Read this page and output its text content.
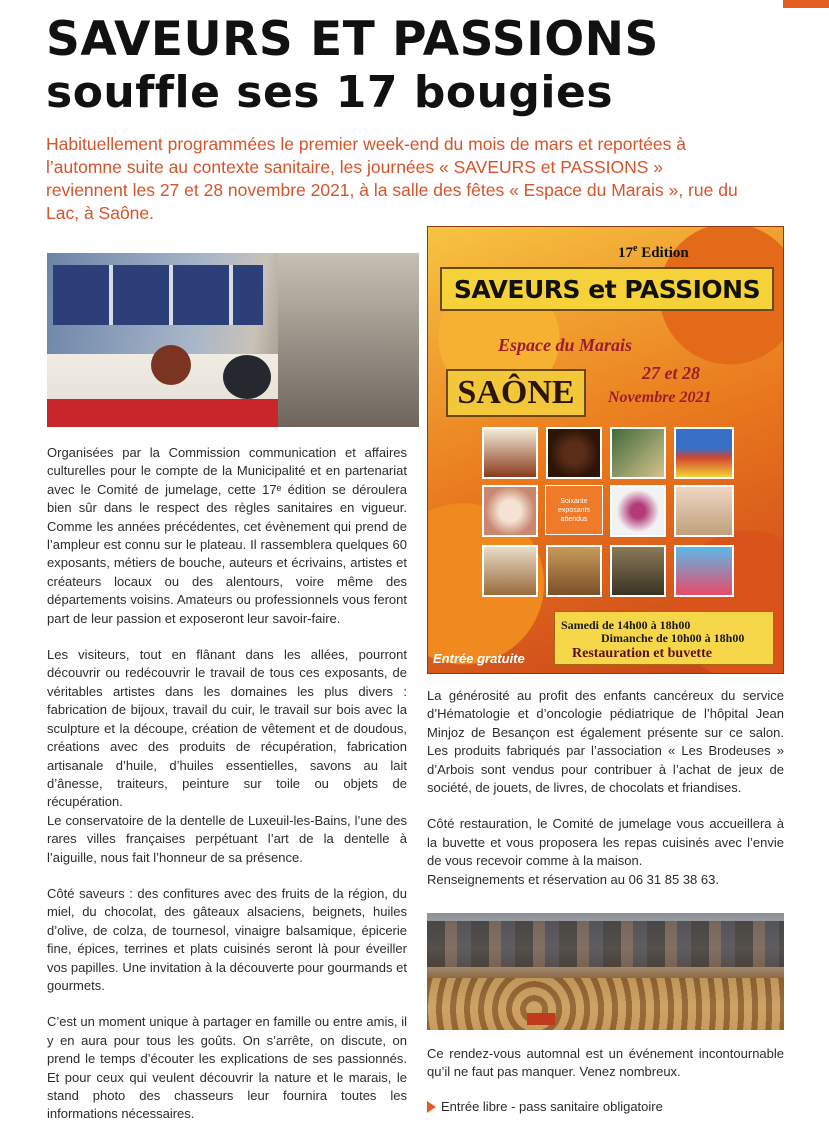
SAVEURS ET PASSIONS
souffle ses 17 bougies

Habituellement programmées le premier week-end du mois de mars et reportées à l’automne suite au contexte sanitaire, les journées « SAVEURS et PASSIONS » reviennent les 27 et 28 novembre 2021, à la salle des fêtes « Espace du Marais », rue du Lac, à Saône.

17e Edition
SAVEURS et PASSIONS
Espace du Marais
SAÔNE
27 et 28
Novembre 2021
Soixante exposants attendus
Samedi de 14h00 à 18h00
Dimanche de 10h00 à 18h00
Restauration et buvette
Entrée gratuite

Organisées par la Commission communication et affaires culturelles pour le compte de la Municipalité et en partenariat avec le Comité de jumelage, cette 17ᵉ édition se déroulera bien sûr dans le respect des règles sanitaires en vigueur. Comme les années précédentes, cet évènement qui prend de l’ampleur est connu sur le plateau. Il rassemblera quelques 60 exposants, métiers de bouche, auteurs et écrivains, artistes et créateurs locaux ou des alentours, voire même des départements voisins. Amateurs ou professionnels vous feront part de leur passion et exposeront leur savoir-faire.

Les visiteurs, tout en flânant dans les allées, pourront découvrir ou redécouvrir le travail de tous ces exposants, de véritables artistes dans les domaines les plus divers : fabrication de bijoux, travail du cuir, le travail sur bois avec la sculpture et la découpe, création de vêtement et de doudous, créations avec des produits de récupération, fabrication artisanale d’huile, d’huiles essentielles, savons au lait d’ânesse, traiteurs, peinture sur toile ou objets de récupération.

Le conservatoire de la dentelle de Luxeuil-les-Bains, l’une des rares villes françaises perpétuant l’art de la dentelle à l’aiguille, nous fait l’honneur de sa présence.

Côté saveurs : des confitures avec des fruits de la région, du miel, du chocolat, des gâteaux alsaciens, beignets, huiles d’olive, de colza, de tournesol, vinaigre balsamique, épicerie fine, épices, terrines et plats cuisinés seront là pour éveiller vos papilles. Une invitation à la découverte pour gourmands et gourmets.

C’est un moment unique à partager en famille ou entre amis, il y en aura pour tous les goûts. On s’arrête, on discute, on prend le temps d’écouter les explications de ses passionnés. Et pour ceux qui veulent découvrir la nature et le marais, le stand photo des chasseurs leur fournira toutes les informations nécessaires.

La générosité au profit des enfants cancéreux du service d’Hématologie et d’oncologie pédiatrique de l’hôpital Jean Minjoz de Besançon est également présente sur ce salon. Les produits fabriqués par l’association « Les Brodeuses » d’Arbois sont vendus pour contribuer à l’achat de jeux de société, de jouets, de livres, de chocolats et friandises.

Côté restauration, le Comité de jumelage vous accueillera à la buvette et vous proposera les repas cuisinés avec l’envie de vous recevoir comme à la maison.

Renseignements et réservation au 06 31 85 38 63.

Ce rendez-vous automnal est un événement incontournable qu’il ne faut pas manquer. Venez nombreux.

Entrée libre - pass sanitaire obligatoire
